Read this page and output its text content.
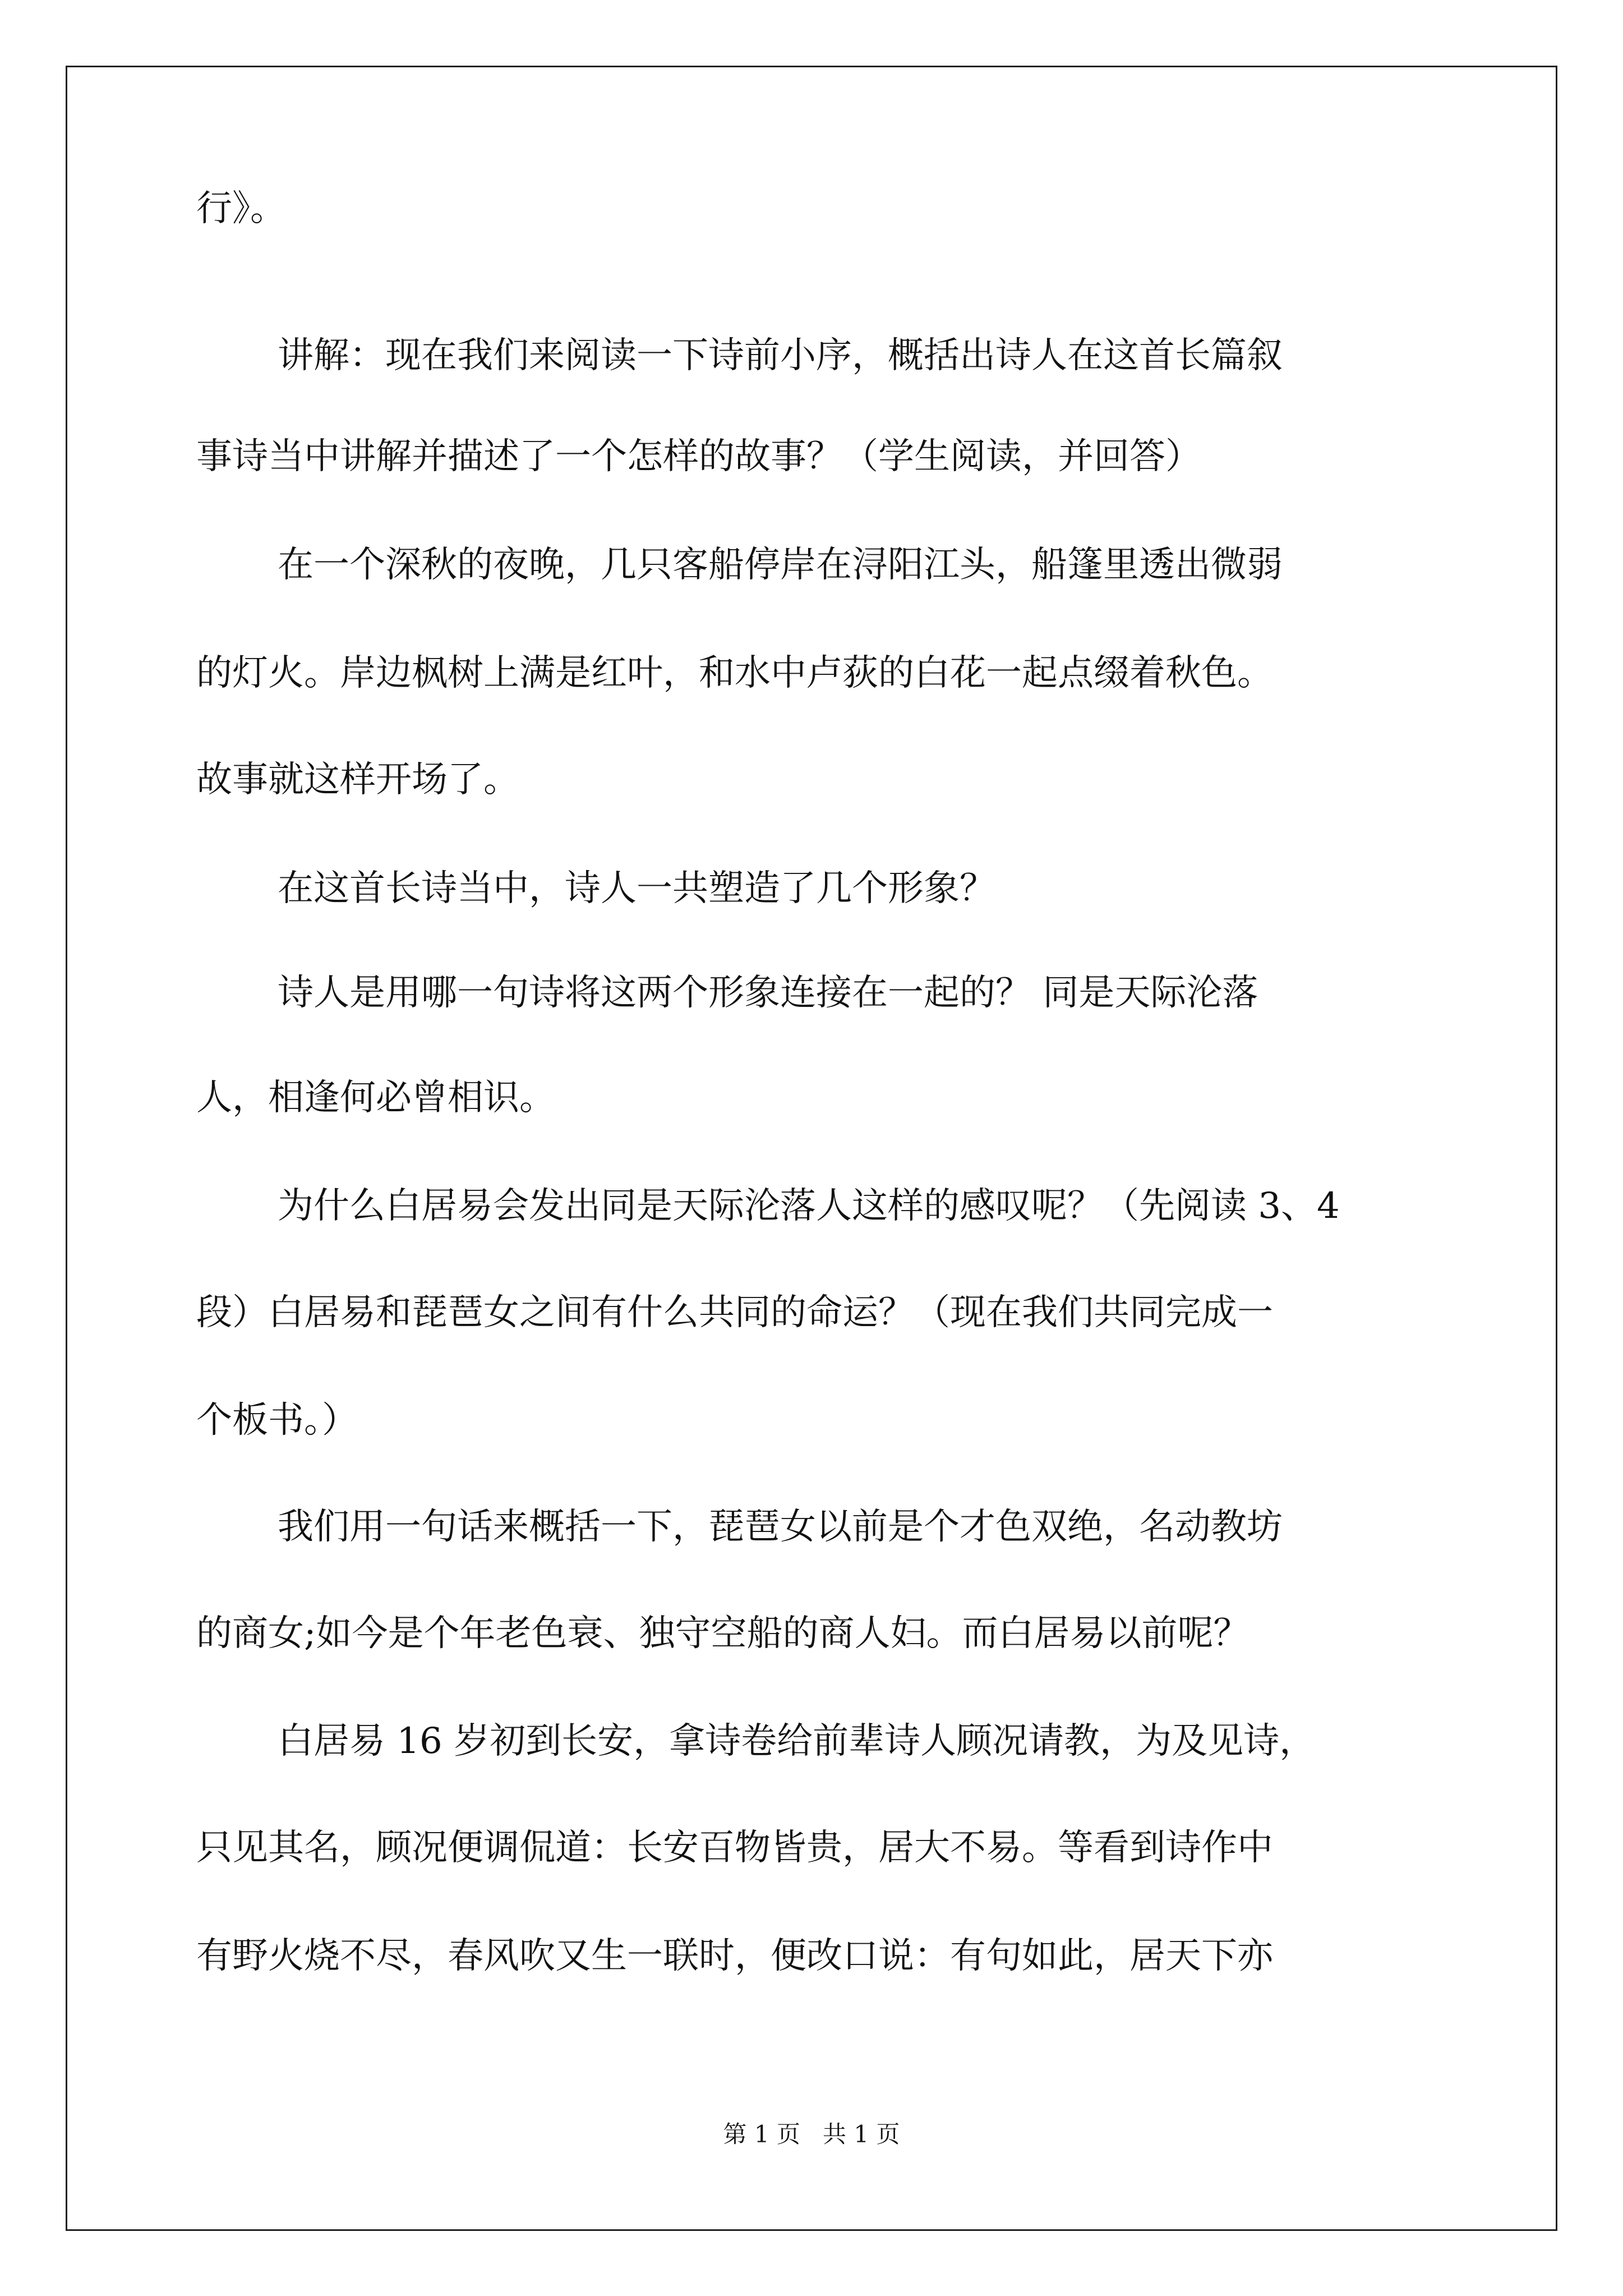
行》。
讲解：现在我们来阅读一下诗前小序，概括出诗人在这首长篇叙
事诗当中讲解并描述了一个怎样的故事？（学生阅读，并回答）
在一个深秋的夜晚，几只客船停岸在浔阳江头，船篷里透出微弱
的灯火。岸边枫树上满是红叶，和水中卢荻的白花一起点缀着秋色。
故事就这样开场了。
在这首长诗当中，诗人一共塑造了几个形象？
诗人是用哪一句诗将这两个形象连接在一起的？ 同是天际沦落
人，相逢何必曾相识。
为什么白居易会发出同是天际沦落人这样的感叹呢？（先阅读 3、4
段）白居易和琵琶女之间有什么共同的命运？（现在我们共同完成一
个板书。）
我们用一句话来概括一下，琵琶女以前是个才色双绝，名动教坊
的商女;如今是个年老色衰、独守空船的商人妇。而白居易以前呢？
白居易 16 岁初到长安，拿诗卷给前辈诗人顾况请教，为及见诗，
只见其名，顾况便调侃道：长安百物皆贵，居大不易。等看到诗作中
有野火烧不尽，春风吹又生一联时，便改口说：有句如此，居天下亦
第 1 页   共 1 页
